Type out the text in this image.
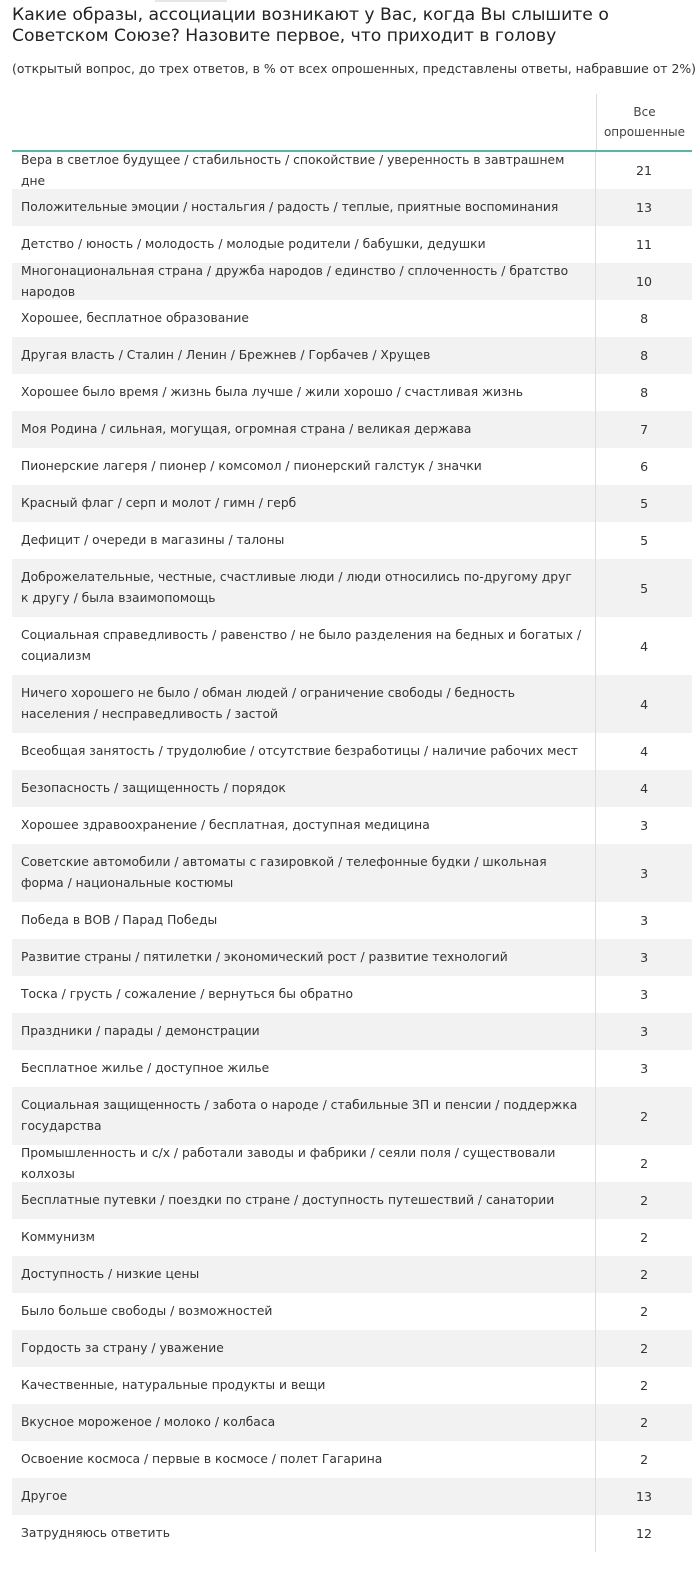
Какие образы, ассоциации возникают у Вас, когда Вы слышите о Советском Союзе? Назовите первое, что приходит в голову
(открытый вопрос, до трех ответов, в % от всех опрошенных, представлены ответы, набравшие от 2%)
Все опрошенные
Вера в светлое будущее / стабильность / спокойствие / уверенность в завтрашнем дне
21
Положительные эмоции / ностальгия / радость / теплые, приятные воспоминания	13
Детство / юность / молодость / молодые родители / бабушки, дедушки	11
Многонациональная страна / дружба народов / единство / сплоченность / братство народов
10
Хорошее, бесплатное образование	8
Другая власть / Сталин / Ленин / Брежнев / Горбачев / Хрущев	8
Хорошее было время / жизнь была лучше / жили хорошо / счастливая жизнь	8
Моя Родина / сильная, могущая, огромная страна / великая держава	7
Пионерские лагеря / пионер / комсомол / пионерский галстук / значки	6
Красный флаг / серп и молот / гимн / герб	5
Дефицит / очереди в магазины / талоны	5
Доброжелательные, честные, счастливые люди / люди относились по-другому друг к другу / была взаимопомощь
5
Социальная справедливость / равенство / не было разделения на бедных и богатых / социализм
4
Ничего хорошего не было / обман людей / ограничение свободы / бедность населения / несправедливость / застой
4
Всеобщая занятость / трудолюбие / отсутствие безработицы / наличие рабочих мест	4
Безопасность / защищенность / порядок	4
Хорошее здравоохранение / бесплатная, доступная медицина	3
Советские автомобили / автоматы с газировкой / телефонные будки / школьная форма / национальные костюмы
3
Победа в ВОВ / Парад Победы	3
Развитие страны / пятилетки / экономический рост / развитие технологий	3
Тоска / грусть / сожаление / вернуться бы обратно	3
Праздники / парады / демонстрации	3
Бесплатное жилье / доступное жилье	3
Социальная защищенность / забота о народе / стабильные ЗП и пенсии / поддержка государства
2
Промышленность и с/х / работали заводы и фабрики / сеяли поля / существовали колхозы
2
Бесплатные путевки / поездки по стране / доступность путешествий / санатории	2
Коммунизм	2
Доступность / низкие цены	2
Было больше свободы / возможностей	2
Гордость за страну / уважение	2
Качественные, натуральные продукты и вещи	2
Вкусное мороженое / молоко / колбаса	2
Освоение космоса / первые в космосе / полет Гагарина	2
Другое	13
Затрудняюсь ответить	12
